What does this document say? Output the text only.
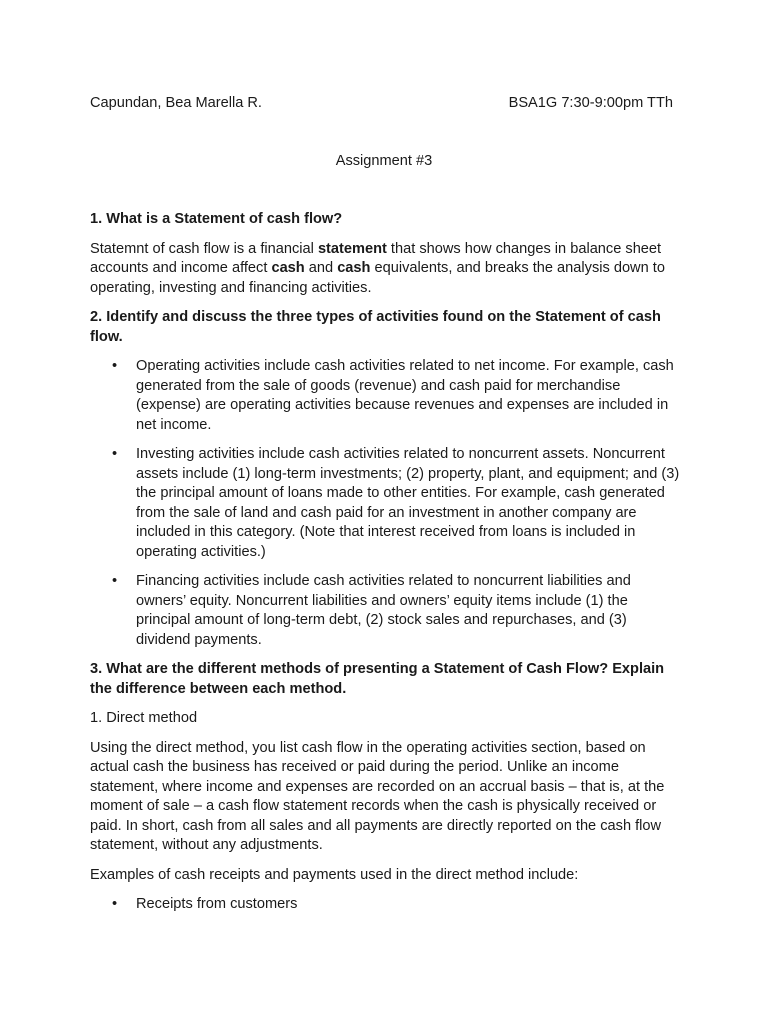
Capundan, Bea Marella R.	BSA1G 7:30-9:00pm TTh
Assignment #3
1. What is a Statement of cash flow?

Statemnt of cash flow is a financial statement that shows how changes in balance sheet accounts and income affect cash and cash equivalents, and breaks the analysis down to operating, investing and financing activities.

2. Identify and discuss the three types of activities found on the Statement of cash flow.
• Operating activities include cash activities related to net income. For example, cash generated from the sale of goods (revenue) and cash paid for merchandise (expense) are operating activities because revenues and expenses are included in net income.
• Investing activities include cash activities related to noncurrent assets. Noncurrent assets include (1) long-term investments; (2) property, plant, and equipment; and (3) the principal amount of loans made to other entities. For example, cash generated from the sale of land and cash paid for an investment in another company are included in this category. (Note that interest received from loans is included in operating activities.)
• Financing activities include cash activities related to noncurrent liabilities and owners’ equity. Noncurrent liabilities and owners’ equity items include (1) the principal amount of long-term debt, (2) stock sales and repurchases, and (3) dividend payments.
3. What are the different methods of presenting a Statement of Cash Flow? Explain the difference between each method.

1. Direct method

Using the direct method, you list cash flow in the operating activities section, based on actual cash the business has received or paid during the period. Unlike an income statement, where income and expenses are recorded on an accrual basis – that is, at the moment of sale – a cash flow statement records when the cash is physically received or paid. In short, cash from all sales and all payments are directly reported on the cash flow statement, without any adjustments.

Examples of cash receipts and payments used in the direct method include:

• Receipts from customers
